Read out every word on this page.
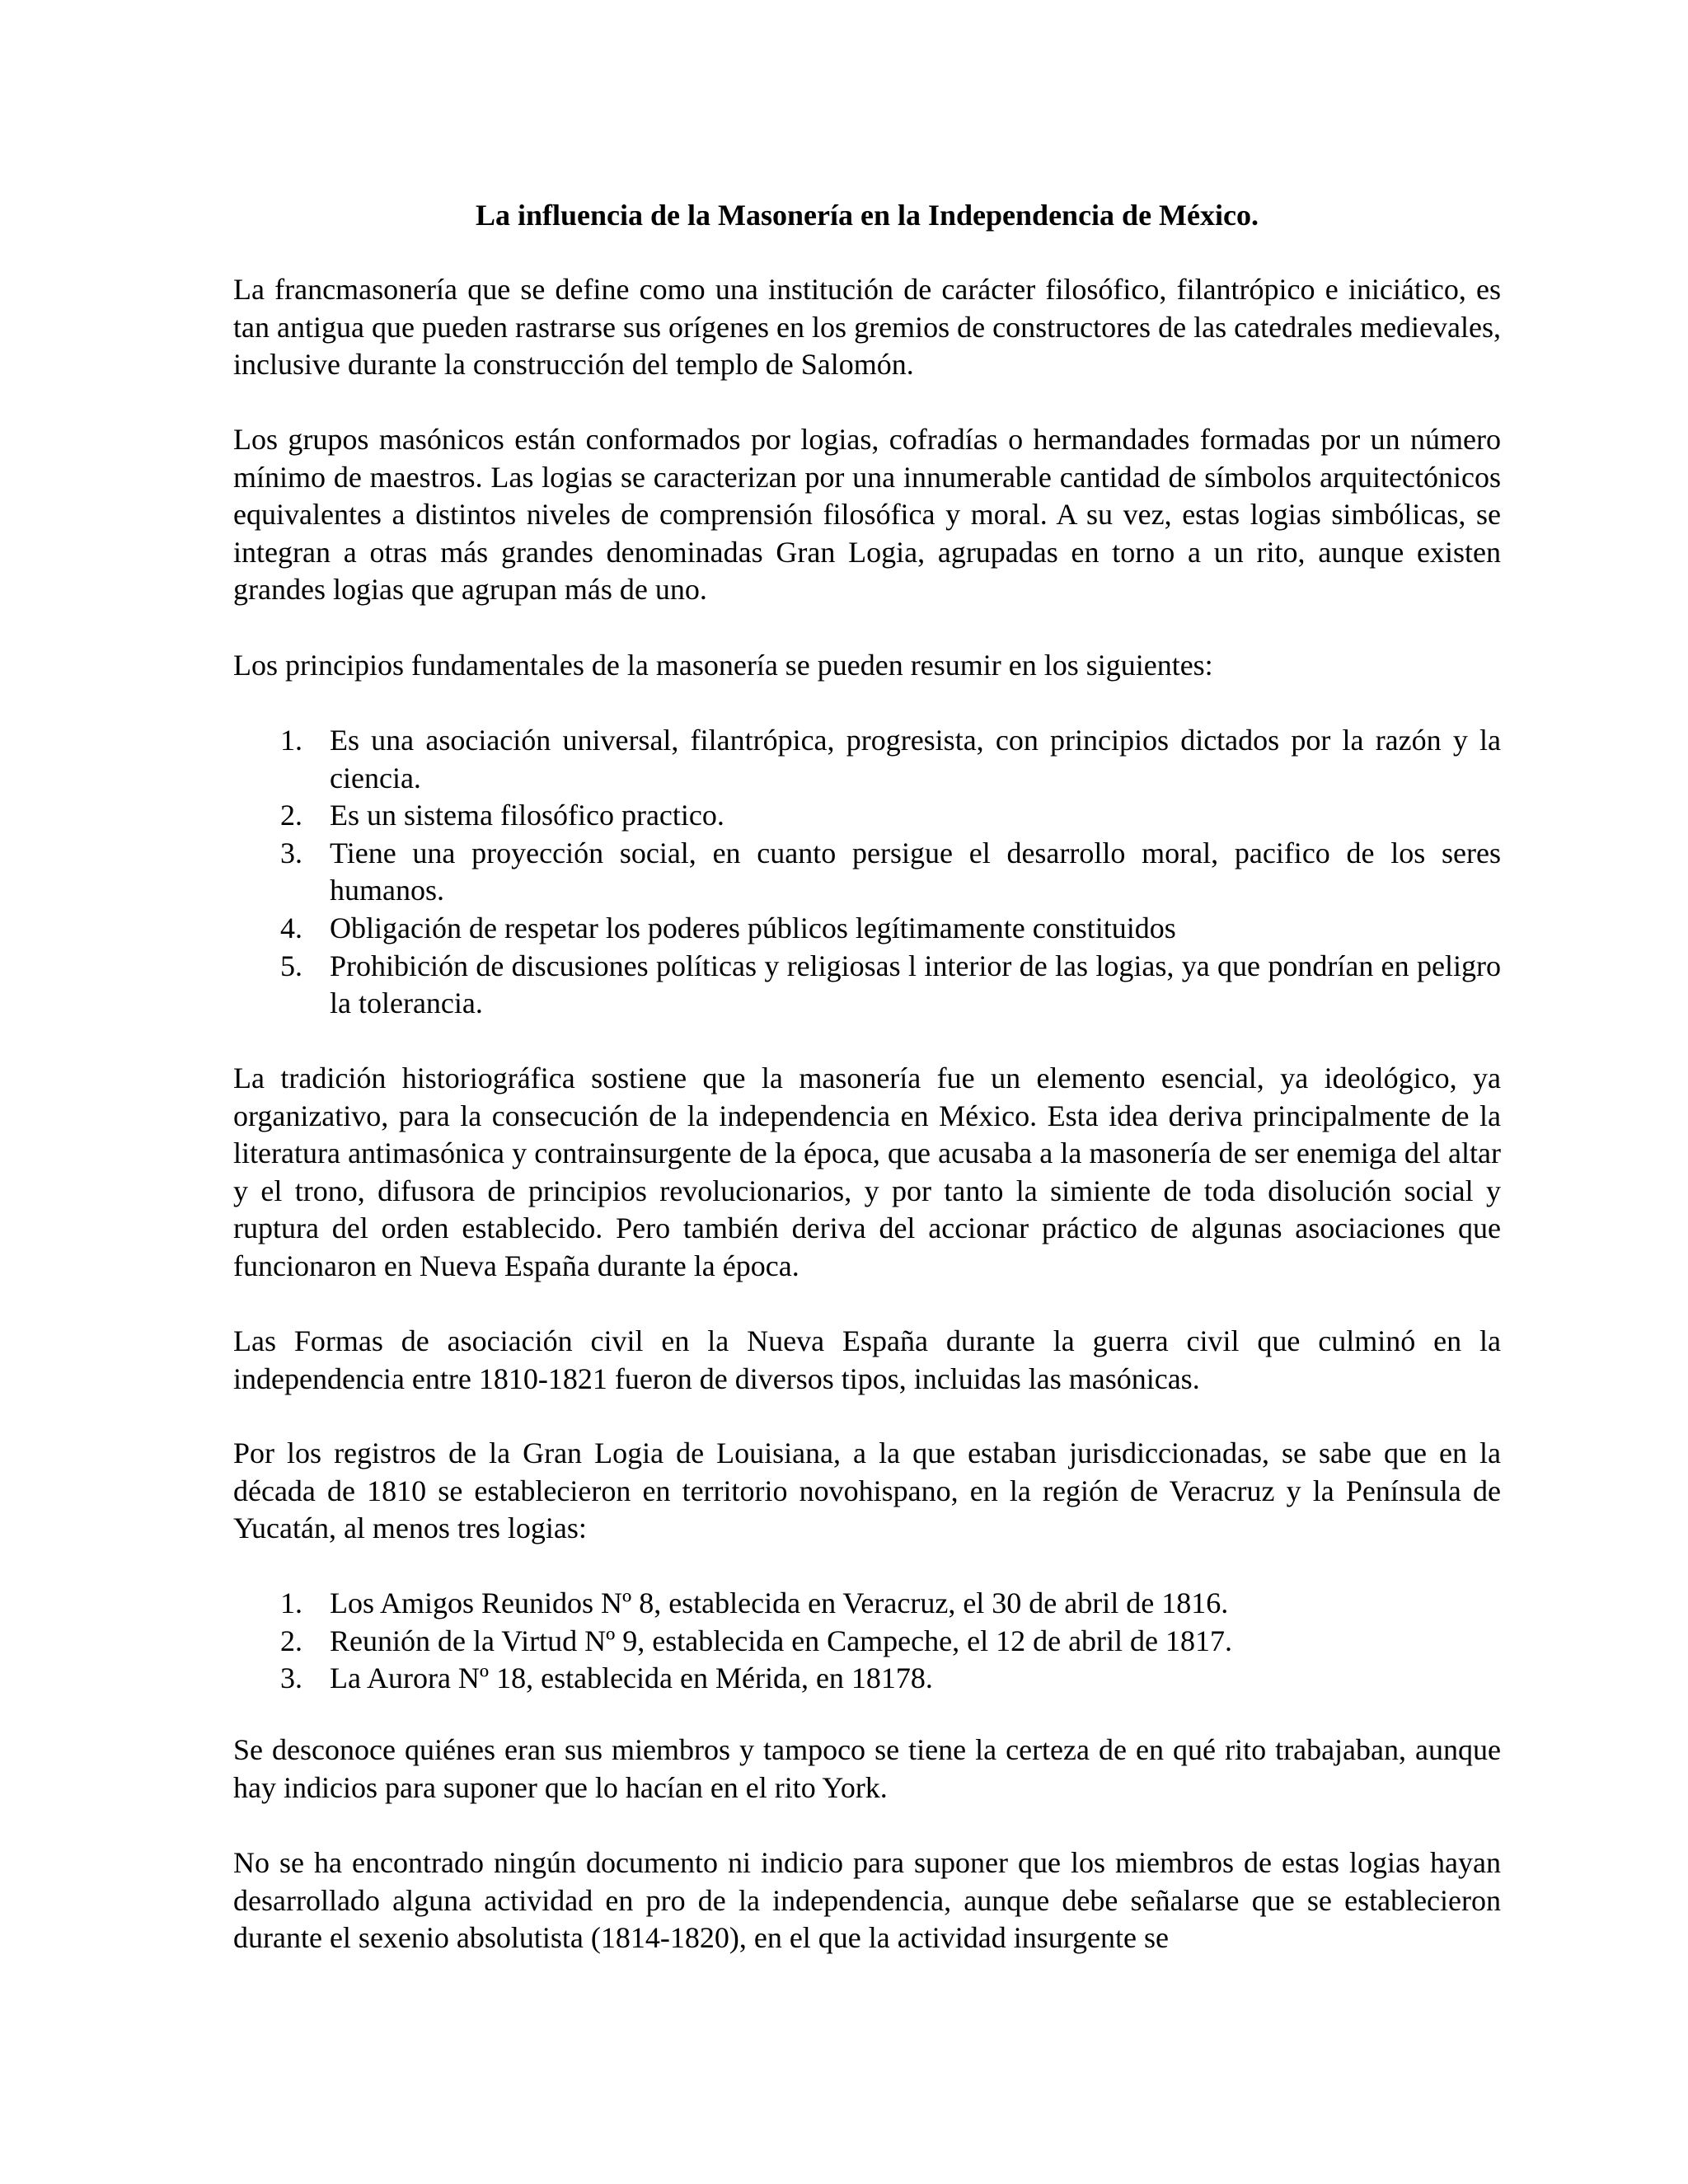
La influencia de la Masonería en la Independencia de México.

La francmasonería que se define como una institución de carácter filosófico, filantrópico e iniciático, es tan antigua que pueden rastrarse sus orígenes en los gremios de constructores de las catedrales medievales, inclusive durante la construcción del templo de Salomón.

Los grupos masónicos están conformados por logias, cofradías o hermandades formadas por un número mínimo de maestros. Las logias se caracterizan por una innumerable cantidad de símbolos arquitectónicos equivalentes a distintos niveles de comprensión filosófica y moral. A su vez, estas logias simbólicas, se integran a otras más grandes denominadas Gran Logia, agrupadas en torno a un rito, aunque existen grandes logias que agrupan más de uno.

Los principios fundamentales de la masonería se pueden resumir en los siguientes:

1. Es una asociación universal, filantrópica, progresista, con principios dictados por la razón y la ciencia.
2. Es un sistema filosófico practico.
3. Tiene una proyección social, en cuanto persigue el desarrollo moral, pacifico de los seres humanos.
4. Obligación de respetar los poderes públicos legítimamente constituidos
5. Prohibición de discusiones políticas y religiosas l interior de las logias, ya que pondrían en peligro la tolerancia.

La tradición historiográfica sostiene que la masonería fue un elemento esencial, ya ideológico, ya organizativo, para la consecución de la independencia en México. Esta idea deriva principalmente de la literatura antimasónica y contrainsurgente de la época, que acusaba a la masonería de ser enemiga del altar y el trono, difusora de principios revolucionarios, y por tanto la simiente de toda disolución social y ruptura del orden establecido. Pero también deriva del accionar práctico de algunas asociaciones que funcionaron en Nueva España durante la época.

Las Formas de asociación civil en la Nueva España durante la guerra civil que culminó en la independencia entre 1810-1821 fueron de diversos tipos, incluidas las masónicas.

Por los registros de la Gran Logia de Louisiana, a la que estaban jurisdiccionadas, se sabe que en la década de 1810 se establecieron en territorio novohispano, en la región de Veracruz y la Península de Yucatán, al menos tres logias:

1. Los Amigos Reunidos Nº 8, establecida en Veracruz, el 30 de abril de 1816.
2. Reunión de la Virtud Nº 9, establecida en Campeche, el 12 de abril de 1817.
3. La Aurora Nº 18, establecida en Mérida, en 18178.

Se desconoce quiénes eran sus miembros y tampoco se tiene la certeza de en qué rito trabajaban, aunque hay indicios para suponer que lo hacían en el rito York.

No se ha encontrado ningún documento ni indicio para suponer que los miembros de estas logias hayan desarrollado alguna actividad en pro de la independencia, aunque debe señalarse que se establecieron durante el sexenio absolutista (1814-1820), en el que la actividad insurgente se
